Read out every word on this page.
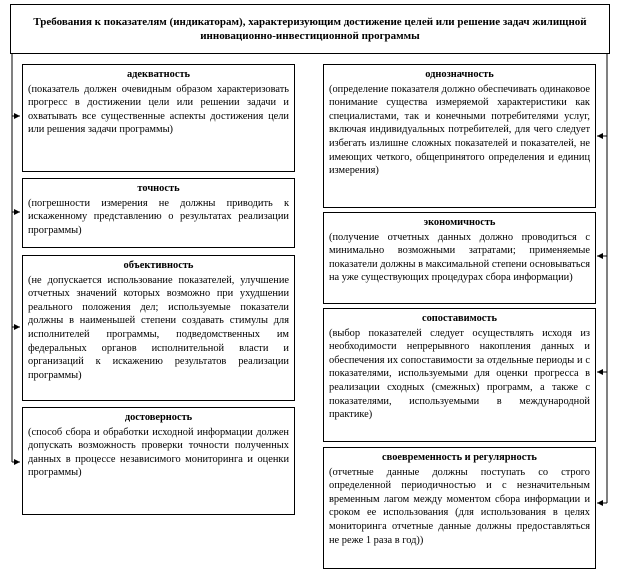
Требования к показателям (индикаторам), характеризующим достижение целей или решение задач жилищной инновационно-инвестиционной программы
адекватность
(показатель должен очевидным образом характеризовать прогресс в достижении цели или решении задачи и охватывать все существенные аспекты достижения цели или решения задачи программы)
точность
(погрешности измерения не должны приводить к искаженному представлению о результатах реализации программы)
объективность
(не допускается использование показателей, улучшение отчетных значений которых возможно при ухудшении реального положения дел; используемые показатели должны в наименьшей степени создавать стимулы для исполнителей программы, подведомственных им федеральных органов исполнительной власти и организаций к искажению результатов реализации программы)
достоверность
(способ сбора и обработки исходной информации должен допускать возможность проверки точности полученных данных в процессе независимого мониторинга и оценки программы)
однозначность
(определение показателя должно обеспечивать одинаковое понимание существа измеряемой характеристики как специалистами, так и конечными потребителями услуг, включая индивидуальных потребителей, для чего следует избегать излишне сложных показателей и показателей, не имеющих четкого, общепринятого определения и единиц измерения)
экономичность
(получение отчетных данных должно проводиться с минимально возможными затратами; применяемые показатели должны в максимальной степени основываться на уже существующих процедурах сбора информации)
сопоставимость
(выбор показателей следует осуществлять исходя из необходимости непрерывного накопления данных и обеспечения их сопоставимости за отдельные периоды и с показателями, используемыми для оценки прогресса в реализации сходных (смежных) программ, а также с показателями, используемыми в международной практике)
своевременность и регулярность
(отчетные данные должны поступать со строго определенной периодичностью и с незначительным временным лагом между моментом сбора информации и сроком ее использования (для использования в целях мониторинга отчетные данные должны предоставляться не реже 1 раза в год))
